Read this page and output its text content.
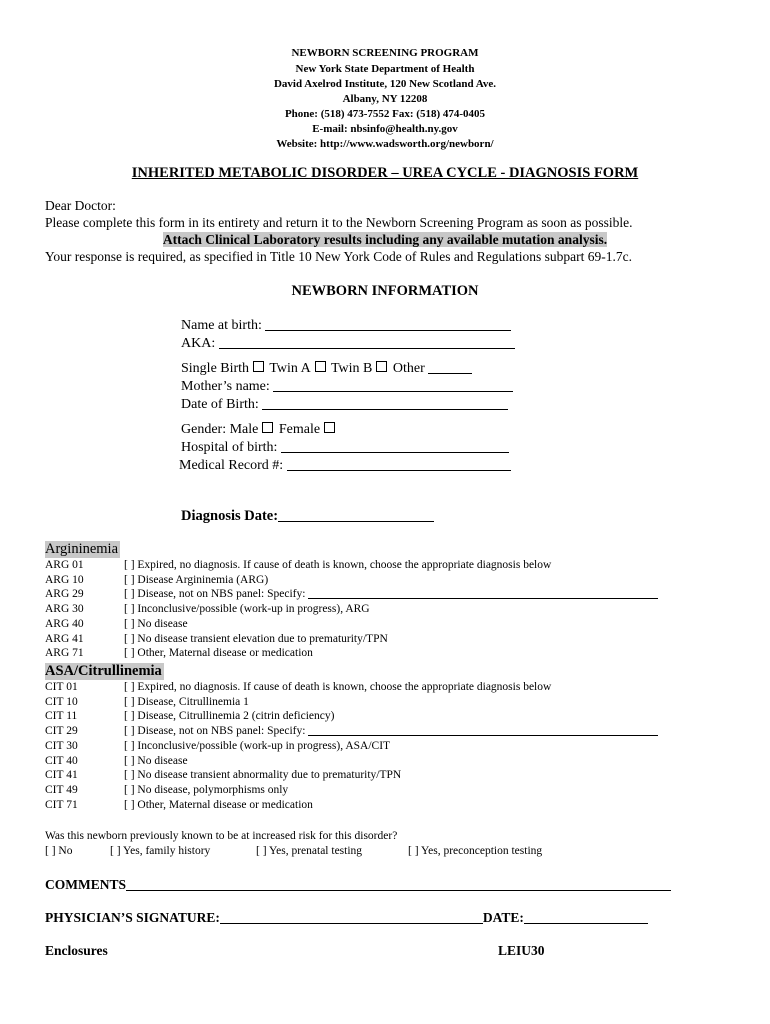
NEWBORN SCREENING PROGRAM
New York State Department of Health
David Axelrod Institute, 120 New Scotland Ave.
Albany, NY 12208
Phone: (518) 473-7552 Fax: (518) 474-0405
E-mail: nbsinfo@health.ny.gov
Website: http://www.wadsworth.org/newborn/
INHERITED METABOLIC DISORDER – UREA CYCLE - DIAGNOSIS FORM
Dear Doctor:
Please complete this form in its entirety and return it to the Newborn Screening Program as soon as possible.
Attach Clinical Laboratory results including any available mutation analysis.
Your response is required, as specified in Title 10 New York Code of Rules and Regulations subpart 69-1.7c.
NEWBORN INFORMATION
Name at birth:
AKA:
Single Birth Twin A Twin B Other
Mother’s name:
Date of Birth:
Gender: Male Female
Hospital of birth:
Medical Record #:
Diagnosis Date:
Argininemia
ARG 01	[ ] Expired, no diagnosis. If cause of death is known, choose the appropriate diagnosis below
ARG 10	[ ] Disease Argininemia (ARG)
ARG 29	[ ] Disease, not on NBS panel: Specify:
ARG 30	[ ] Inconclusive/possible (work-up in progress), ARG
ARG 40	[ ] No disease
ARG 41	[ ] No disease transient elevation due to prematurity/TPN
ARG 71	[ ] Other, Maternal disease or medication
ASA/Citrullinemia
CIT 01	[ ] Expired, no diagnosis. If cause of death is known, choose the appropriate diagnosis below
CIT 10	[ ] Disease, Citrullinemia 1
CIT 11	[ ] Disease, Citrullinemia 2 (citrin deficiency)
CIT 29	[ ] Disease, not on NBS panel: Specify:
CIT 30	[ ] Inconclusive/possible (work-up in progress), ASA/CIT
CIT 40	[ ] No disease
CIT 41	[ ] No disease transient abnormality due to prematurity/TPN
CIT 49	[ ] No disease, polymorphisms only
CIT 71	[ ] Other, Maternal disease or medication
Was this newborn previously known to be at increased risk for this disorder?
[ ] No	[ ] Yes, family history	[ ] Yes, prenatal testing	[ ] Yes, preconception testing
COMMENTS
PHYSICIAN’S SIGNATURE:	DATE:
Enclosures	LEIU30
